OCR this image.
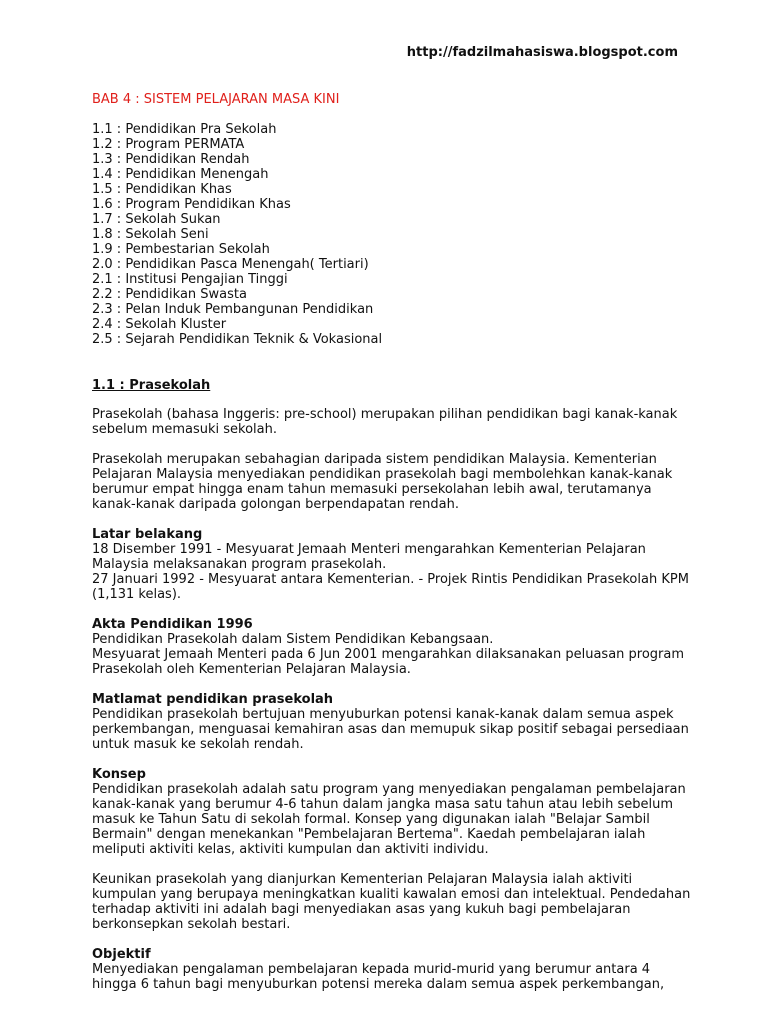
http://fadzilmahasiswa.blogspot.com
BAB 4 : SISTEM PELAJARAN MASA KINI
1.1 : Pendidikan Pra Sekolah
1.2 : Program PERMATA
1.3 : Pendidikan Rendah
1.4 : Pendidikan Menengah
1.5 : Pendidikan Khas
1.6 : Program Pendidikan Khas
1.7 : Sekolah Sukan
1.8 : Sekolah Seni
1.9 : Pembestarian Sekolah
2.0 : Pendidikan Pasca Menengah( Tertiari)
2.1 : Institusi Pengajian Tinggi
2.2 : Pendidikan Swasta
2.3 : Pelan Induk Pembangunan Pendidikan
2.4 : Sekolah Kluster
2.5 : Sejarah Pendidikan Teknik & Vokasional
1.1 : Prasekolah

Prasekolah (bahasa Inggeris: pre-school) merupakan pilihan pendidikan bagi kanak-kanak sebelum memasuki sekolah.

Prasekolah merupakan sebahagian daripada sistem pendidikan Malaysia. Kementerian Pelajaran Malaysia menyediakan pendidikan prasekolah bagi membolehkan kanak-kanak berumur empat hingga enam tahun memasuki persekolahan lebih awal, terutamanya kanak-kanak daripada golongan berpendapatan rendah.

Latar belakang
18 Disember 1991 - Mesyuarat Jemaah Menteri mengarahkan Kementerian Pelajaran Malaysia melaksanakan program prasekolah.
27 Januari 1992 - Mesyuarat antara Kementerian. - Projek Rintis Pendidikan Prasekolah KPM (1,131 kelas).
Akta Pendidikan 1996
Pendidikan Prasekolah dalam Sistem Pendidikan Kebangsaan.
Mesyuarat Jemaah Menteri pada 6 Jun 2001 mengarahkan dilaksanakan peluasan program Prasekolah oleh Kementerian Pelajaran Malaysia.
Matlamat pendidikan prasekolah
Pendidikan prasekolah bertujuan menyuburkan potensi kanak-kanak dalam semua aspek perkembangan, menguasai kemahiran asas dan memupuk sikap positif sebagai persediaan untuk masuk ke sekolah rendah.
Konsep
Pendidikan prasekolah adalah satu program yang menyediakan pengalaman pembelajaran kanak-kanak yang berumur 4-6 tahun dalam jangka masa satu tahun atau lebih sebelum masuk ke Tahun Satu di sekolah formal. Konsep yang digunakan ialah "Belajar Sambil Bermain" dengan menekankan "Pembelajaran Bertema". Kaedah pembelajaran ialah meliputi aktiviti kelas, aktiviti kumpulan dan aktiviti individu.

Keunikan prasekolah yang dianjurkan Kementerian Pelajaran Malaysia ialah aktiviti kumpulan yang berupaya meningkatkan kualiti kawalan emosi dan intelektual. Pendedahan terhadap aktiviti ini adalah bagi menyediakan asas yang kukuh bagi pembelajaran berkonsepkan sekolah bestari.

Objektif
Menyediakan pengalaman pembelajaran kepada murid-murid yang berumur antara 4 hingga 6 tahun bagi menyuburkan potensi mereka dalam semua aspek perkembangan,
